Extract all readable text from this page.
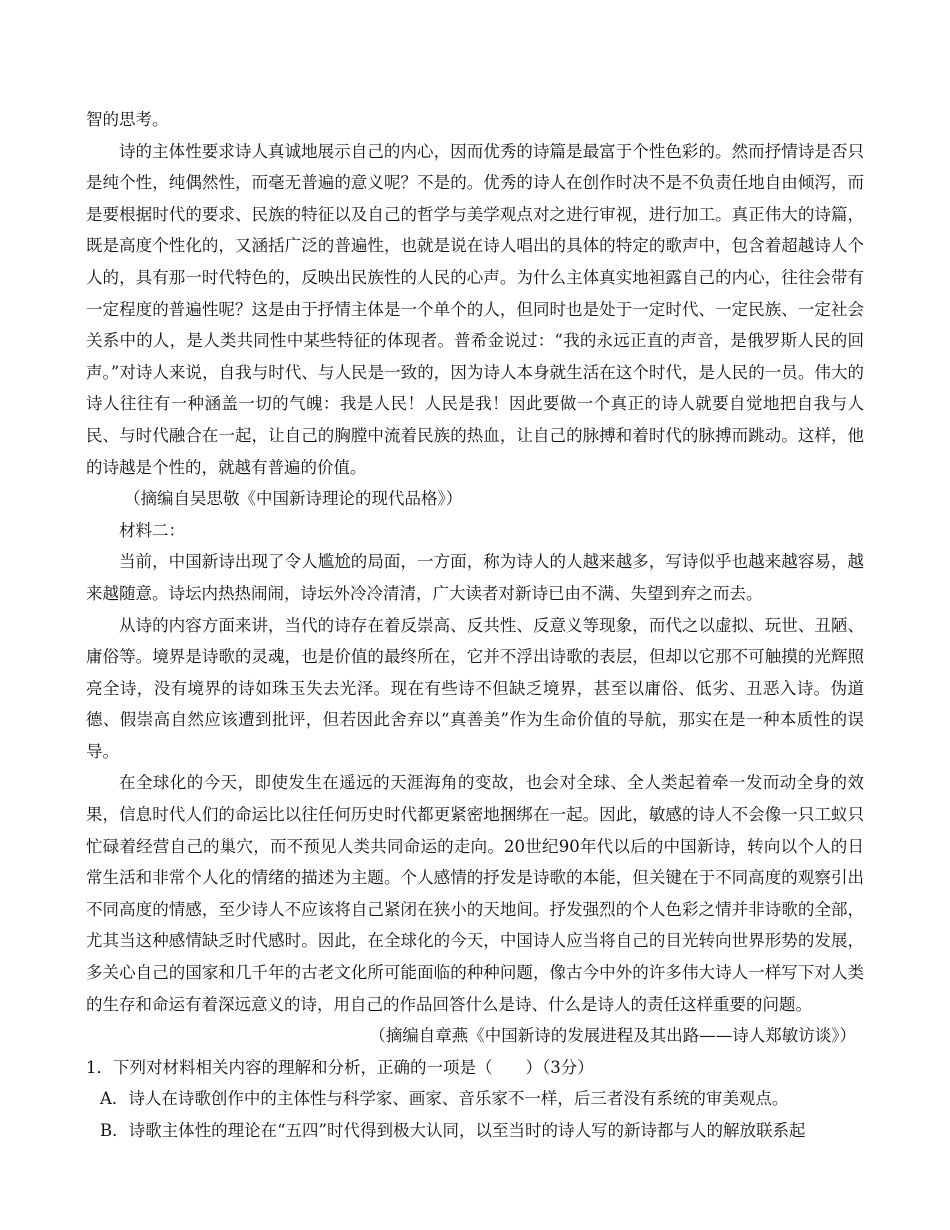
智的思考。

诗的主体性要求诗人真诚地展示自己的内心，因而优秀的诗篇是最富于个性色彩的。然而抒情诗是否只是纯个性，纯偶然性，而毫无普遍的意义呢？不是的。优秀的诗人在创作时决不是不负责任地自由倾泻，而是要根据时代的要求、民族的特征以及自己的哲学与美学观点对之进行审视，进行加工。真正伟大的诗篇，既是高度个性化的，又涵括广泛的普遍性，也就是说在诗人唱出的具体的特定的歌声中，包含着超越诗人个人的，具有那一时代特色的，反映出民族性的人民的心声。为什么主体真实地袒露自己的内心，往往会带有一定程度的普遍性呢？这是由于抒情主体是一个单个的人，但同时也是处于一定时代、一定民族、一定社会关系中的人，是人类共同性中某些特征的体现者。普希金说过：“我的永远正直的声音，是俄罗斯人民的回声。”对诗人来说，自我与时代、与人民是一致的，因为诗人本身就生活在这个时代，是人民的一员。伟大的诗人往往有一种涵盖一切的气魄：我是人民！人民是我！因此要做一个真正的诗人就要自觉地把自我与人民、与时代融合在一起，让自己的胸膛中流着民族的热血，让自己的脉搏和着时代的脉搏而跳动。这样，他的诗越是个性的，就越有普遍的价值。

（摘编自吴思敬《中国新诗理论的现代品格》）

材料二：

当前，中国新诗出现了令人尴尬的局面，一方面，称为诗人的人越来越多，写诗似乎也越来越容易，越来越随意。诗坛内热热闹闹，诗坛外冷冷清清，广大读者对新诗已由不满、失望到弃之而去。

从诗的内容方面来讲，当代的诗存在着反崇高、反共性、反意义等现象，而代之以虚拟、玩世、丑陋、庸俗等。境界是诗歌的灵魂，也是价值的最终所在，它并不浮出诗歌的表层，但却以它那不可触摸的光辉照亮全诗，没有境界的诗如珠玉失去光泽。现在有些诗不但缺乏境界，甚至以庸俗、低劣、丑恶入诗。伪道德、假崇高自然应该遭到批评，但若因此舍弃以“真善美”作为生命价值的导航，那实在是一种本质性的误导。

在全球化的今天，即使发生在遥远的天涯海角的变故，也会对全球、全人类起着牵一发而动全身的效果，信息时代人们的命运比以往任何历史时代都更紧密地捆绑在一起。因此，敏感的诗人不会像一只工蚁只忙碌着经营自己的巢穴，而不预见人类共同命运的走向。20世纪90年代以后的中国新诗，转向以个人的日常生活和非常个人化的情绪的描述为主题。个人感情的抒发是诗歌的本能，但关键在于不同高度的观察引出不同高度的情感，至少诗人不应该将自己紧闭在狭小的天地间。抒发强烈的个人色彩之情并非诗歌的全部，尤其当这种感情缺乏时代感时。因此，在全球化的今天，中国诗人应当将自己的目光转向世界形势的发展，多关心自己的国家和几千年的古老文化所可能面临的种种问题，像古今中外的许多伟大诗人一样写下对人类的生存和命运有着深远意义的诗，用自己的作品回答什么是诗、什么是诗人的责任这样重要的问题。

（摘编自章燕《中国新诗的发展进程及其出路——诗人郑敏访谈》）

1．下列对材料相关内容的理解和分析，正确的一项是（　　）（3分）

A．诗人在诗歌创作中的主体性与科学家、画家、音乐家不一样，后三者没有系统的审美观点。

B．诗歌主体性的理论在“五四”时代得到极大认同，以至当时的诗人写的新诗都与人的解放联系起
